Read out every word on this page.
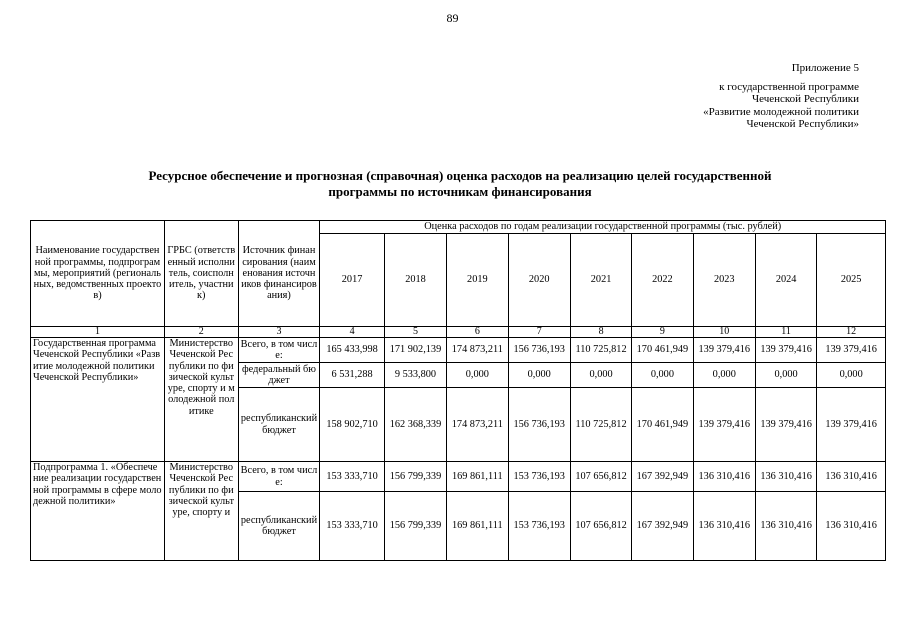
89
Приложение 5
к государственной программе
Чеченской Республики
«Развитие молодежной политики
Чеченской Республики»
Ресурсное обеспечение и прогнозная (справочная) оценка расходов на реализацию целей государственной
программы по источникам финансирования
Наименование государственной программы, подпрограммы, мероприятий (региональных, ведомственных проектов)	ГРБС (ответственный исполнитель, соисполнитель, участник)	Источник финансирования (наименования источников финансирования)	Оценка расходов по годам реализации государственной программы (тыс. рублей)								
			2017	2018	2019	2020	2021	2022	2023	2024	2025
1	2	3	4	5	6	7	8	9	10	11	12
Государственная программа Чеченской Республики «Развитие молодежной политики Чеченской Республики»	Министерство Чеченской Республики по физической культуре, спорту и молодежной политике	Всего, в том числе:	165 433,998	171 902,139	174 873,211	156 736,193	110 725,812	170 461,949	139 379,416	139 379,416	139 379,416
		федеральный бюджет	6 531,288	9 533,800	0,000	0,000	0,000	0,000	0,000	0,000	0,000
		республиканский бюджет	158 902,710	162 368,339	174 873,211	156 736,193	110 725,812	170 461,949	139 379,416	139 379,416	139 379,416
Подпрограмма 1. «Обеспечение реализации государственной программы в сфере молодежной политики»	Министерство Чеченской Республики по физической культуре, спорту и	Всего, в том числе:	153 333,710	156 799,339	169 861,111	153 736,193	107 656,812	167 392,949	136 310,416	136 310,416	136 310,416
		республиканский бюджет	153 333,710	156 799,339	169 861,111	153 736,193	107 656,812	167 392,949	136 310,416	136 310,416	136 310,416
